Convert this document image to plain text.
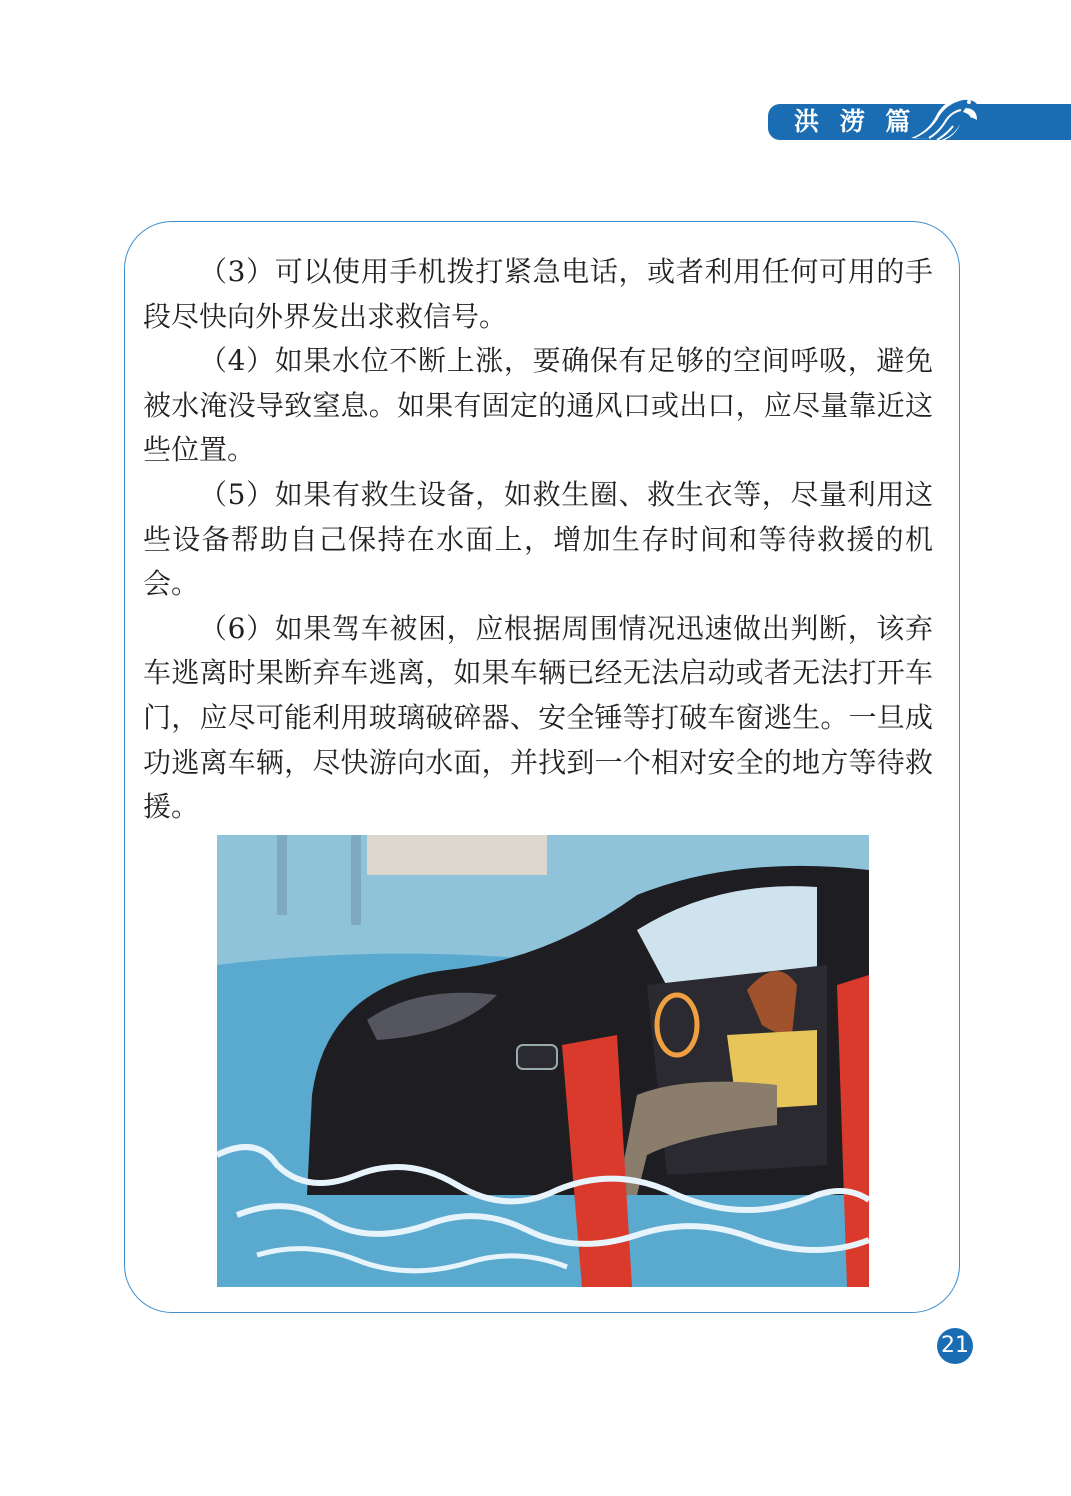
洪 涝 篇

（3）可以使用手机拨打紧急电话，或者利用任何可用的手段尽快向外界发出求救信号。

（4）如果水位不断上涨，要确保有足够的空间呼吸，避免被水淹没导致窒息。如果有固定的通风口或出口，应尽量靠近这些位置。

（5）如果有救生设备，如救生圈、救生衣等，尽量利用这些设备帮助自己保持在水面上，增加生存时间和等待救援的机会。

（6）如果驾车被困，应根据周围情况迅速做出判断，该弃车逃离时果断弃车逃离，如果车辆已经无法启动或者无法打开车门，应尽可能利用玻璃破碎器、安全锤等打破车窗逃生。一旦成功逃离车辆，尽快游向水面，并找到一个相对安全的地方等待救援。

21
